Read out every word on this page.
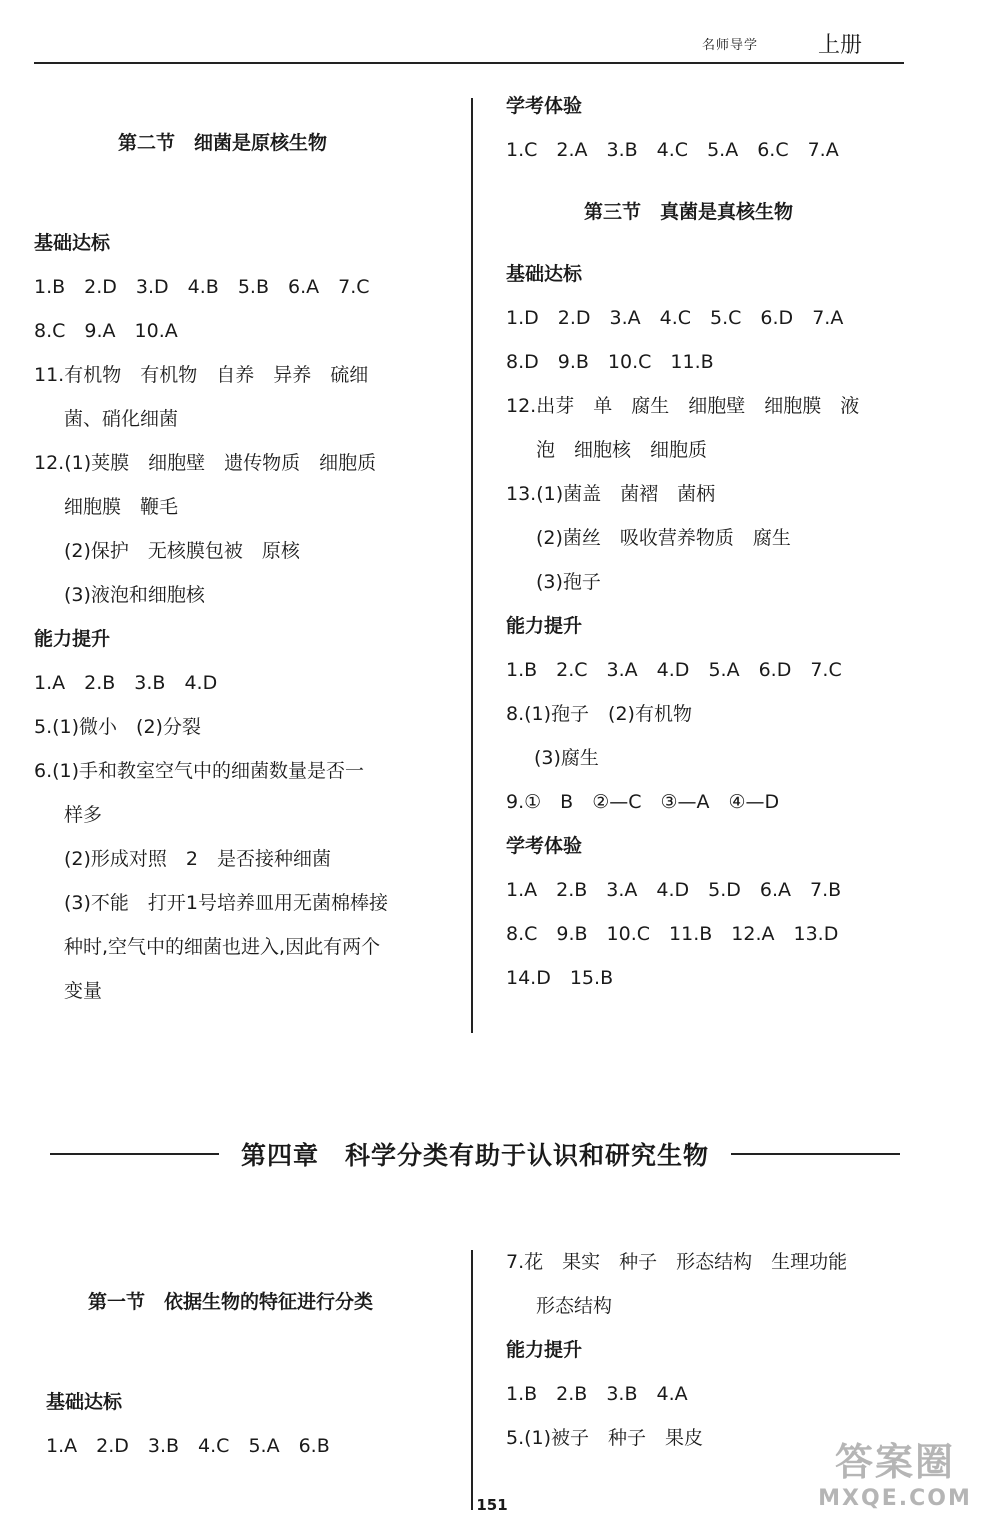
名师导学	上册
第二节　细菌是原核生物
基础达标
1.B　2.D　3.D　4.B　5.B　6.A　7.C
8.C　9.A　10.A
11.有机物　有机物　自养　异养　硫细
菌、硝化细菌
12.(1)荚膜　细胞壁　遗传物质　细胞质
细胞膜　鞭毛
(2)保护　无核膜包被　原核
(3)液泡和细胞核
能力提升
1.A　2.B　3.B　4.D
5.(1)微小　(2)分裂
6.(1)手和教室空气中的细菌数量是否一
样多
(2)形成对照　2　是否接种细菌
(3)不能　打开1号培养皿用无菌棉棒接
种时,空气中的细菌也进入,因此有两个
变量
学考体验
1.C　2.A　3.B　4.C　5.A　6.C　7.A
第三节　真菌是真核生物
基础达标
1.D　2.D　3.A　4.C　5.C　6.D　7.A
8.D　9.B　10.C　11.B
12.出芽　单　腐生　细胞壁　细胞膜　液
泡　细胞核　细胞质
13.(1)菌盖　菌褶　菌柄
(2)菌丝　吸收营养物质　腐生
(3)孢子
能力提升
1.B　2.C　3.A　4.D　5.A　6.D　7.C
8.(1)孢子　(2)有机物
(3)腐生
9.①　B　②—C　③—A　④—D
学考体验
1.A　2.B　3.A　4.D　5.D　6.A　7.B
8.C　9.B　10.C　11.B　12.A　13.D
14.D　15.B
第四章　科学分类有助于认识和研究生物
第一节　依据生物的特征进行分类
基础达标
1.A　2.D　3.B　4.C　5.A　6.B
7.花　果实　种子　形态结构　生理功能
形态结构
能力提升
1.B　2.B　3.B　4.A
5.(1)被子　种子　果皮
151
答案圈
MXQE.COM
